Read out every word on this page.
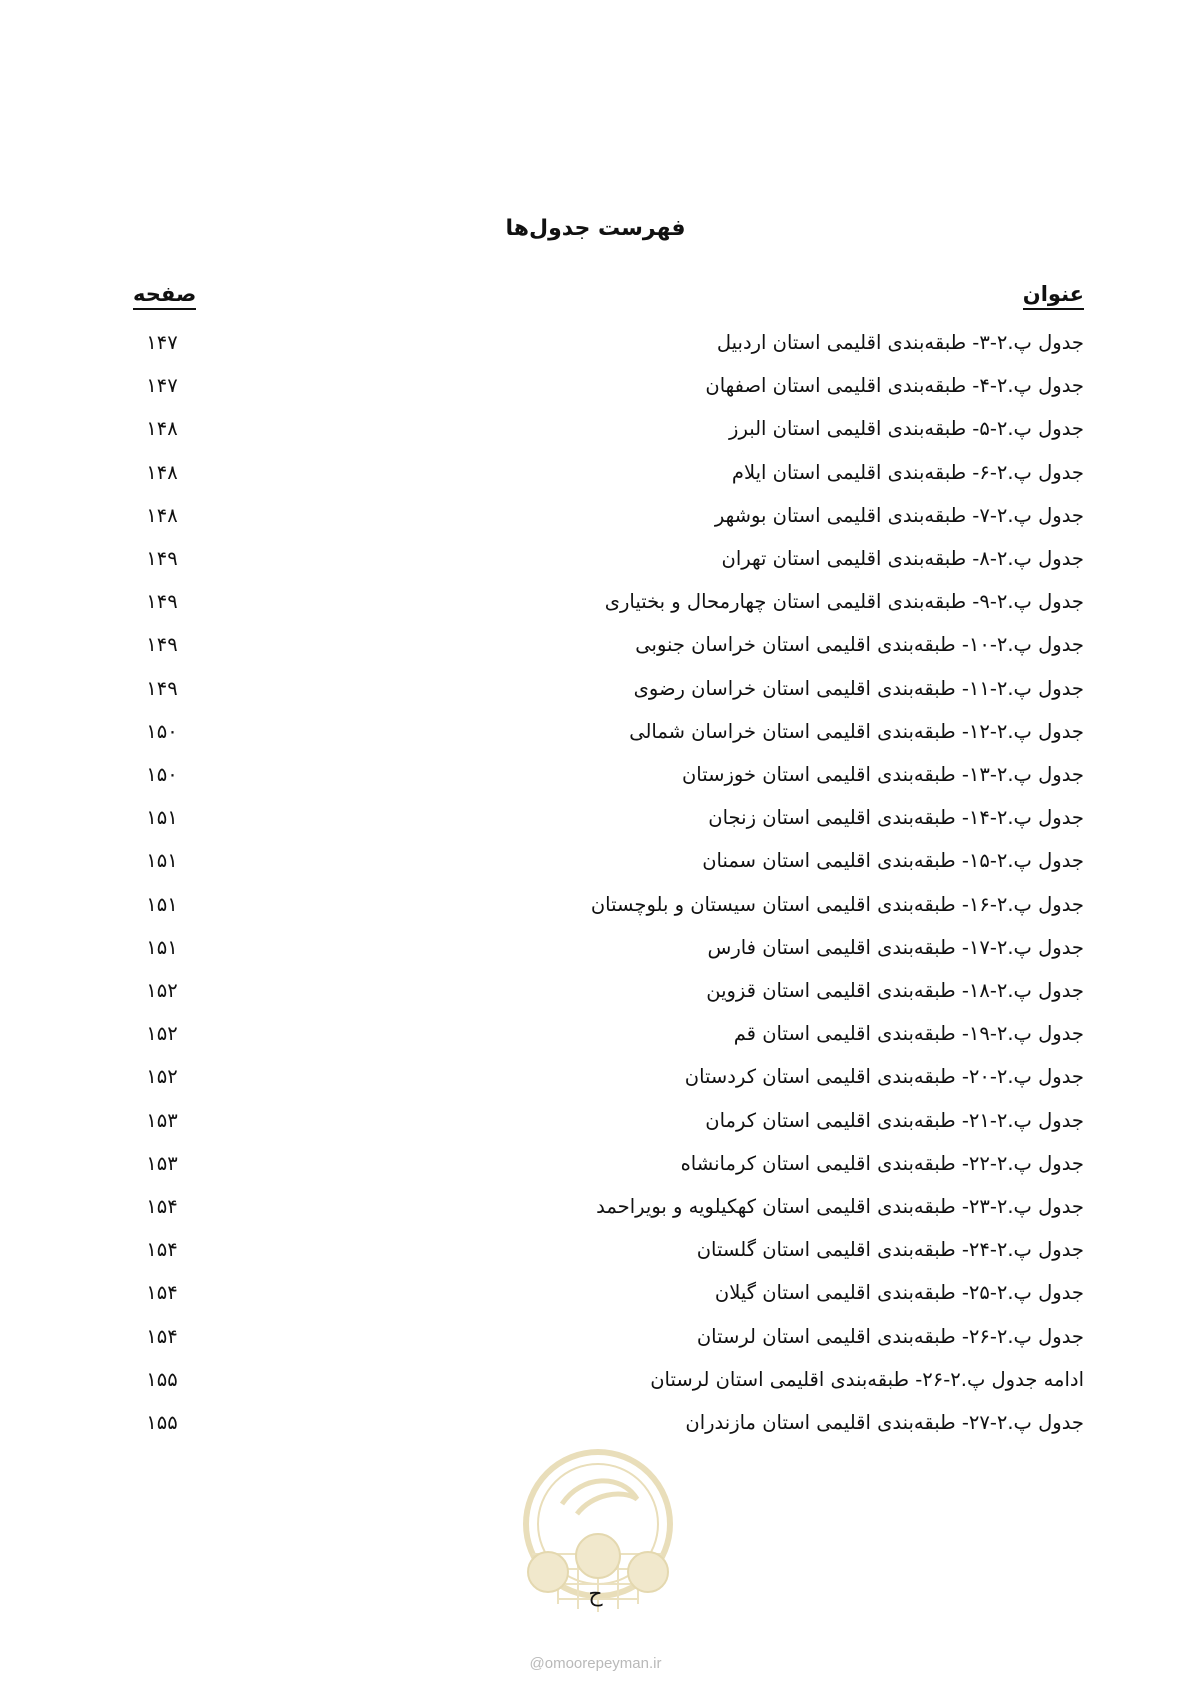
فهرست جدول‌ها
عنوان
صفحه
جدول پ.۲-۳- طبقه‌بندی اقلیمی استان اردبیل
۱۴۷
جدول پ.۲-۴- طبقه‌بندی اقلیمی استان اصفهان
۱۴۷
جدول پ.۲-۵- طبقه‌بندی اقلیمی استان البرز
۱۴۸
جدول پ.۲-۶- طبقه‌بندی اقلیمی استان ایلام
۱۴۸
جدول پ.۲-۷- طبقه‌بندی اقلیمی استان بوشهر
۱۴۸
جدول پ.۲-۸- طبقه‌بندی اقلیمی استان تهران
۱۴۹
جدول پ.۲-۹- طبقه‌بندی اقلیمی استان چهارمحال و بختیاری
۱۴۹
جدول پ.۲-۱۰- طبقه‌بندی اقلیمی استان خراسان جنوبی
۱۴۹
جدول پ.۲-۱۱- طبقه‌بندی اقلیمی استان خراسان رضوی
۱۴۹
جدول پ.۲-۱۲- طبقه‌بندی اقلیمی استان خراسان شمالی
۱۵۰
جدول پ.۲-۱۳- طبقه‌بندی اقلیمی استان خوزستان
۱۵۰
جدول پ.۲-۱۴- طبقه‌بندی اقلیمی استان زنجان
۱۵۱
جدول پ.۲-۱۵- طبقه‌بندی اقلیمی استان سمنان
۱۵۱
جدول پ.۲-۱۶- طبقه‌بندی اقلیمی استان سیستان و بلوچستان
۱۵۱
جدول پ.۲-۱۷- طبقه‌بندی اقلیمی استان فارس
۱۵۱
جدول پ.۲-۱۸- طبقه‌بندی اقلیمی استان قزوین
۱۵۲
جدول پ.۲-۱۹- طبقه‌بندی اقلیمی استان قم
۱۵۲
جدول پ.۲-۲۰- طبقه‌بندی اقلیمی استان کردستان
۱۵۲
جدول پ.۲-۲۱- طبقه‌بندی اقلیمی استان کرمان
۱۵۳
جدول پ.۲-۲۲- طبقه‌بندی اقلیمی استان کرمانشاه
۱۵۳
جدول پ.۲-۲۳- طبقه‌بندی اقلیمی استان کهکیلویه و بویراحمد
۱۵۴
جدول پ.۲-۲۴- طبقه‌بندی اقلیمی استان گلستان
۱۵۴
جدول پ.۲-۲۵- طبقه‌بندی اقلیمی استان گیلان
۱۵۴
جدول پ.۲-۲۶- طبقه‌بندی اقلیمی استان لرستان
۱۵۴
ادامه جدول پ.۲-۲۶- طبقه‌بندی اقلیمی استان لرستان
۱۵۵
جدول پ.۲-۲۷- طبقه‌بندی اقلیمی استان مازندران
۱۵۵
ح
@omoorepeyman.ir
